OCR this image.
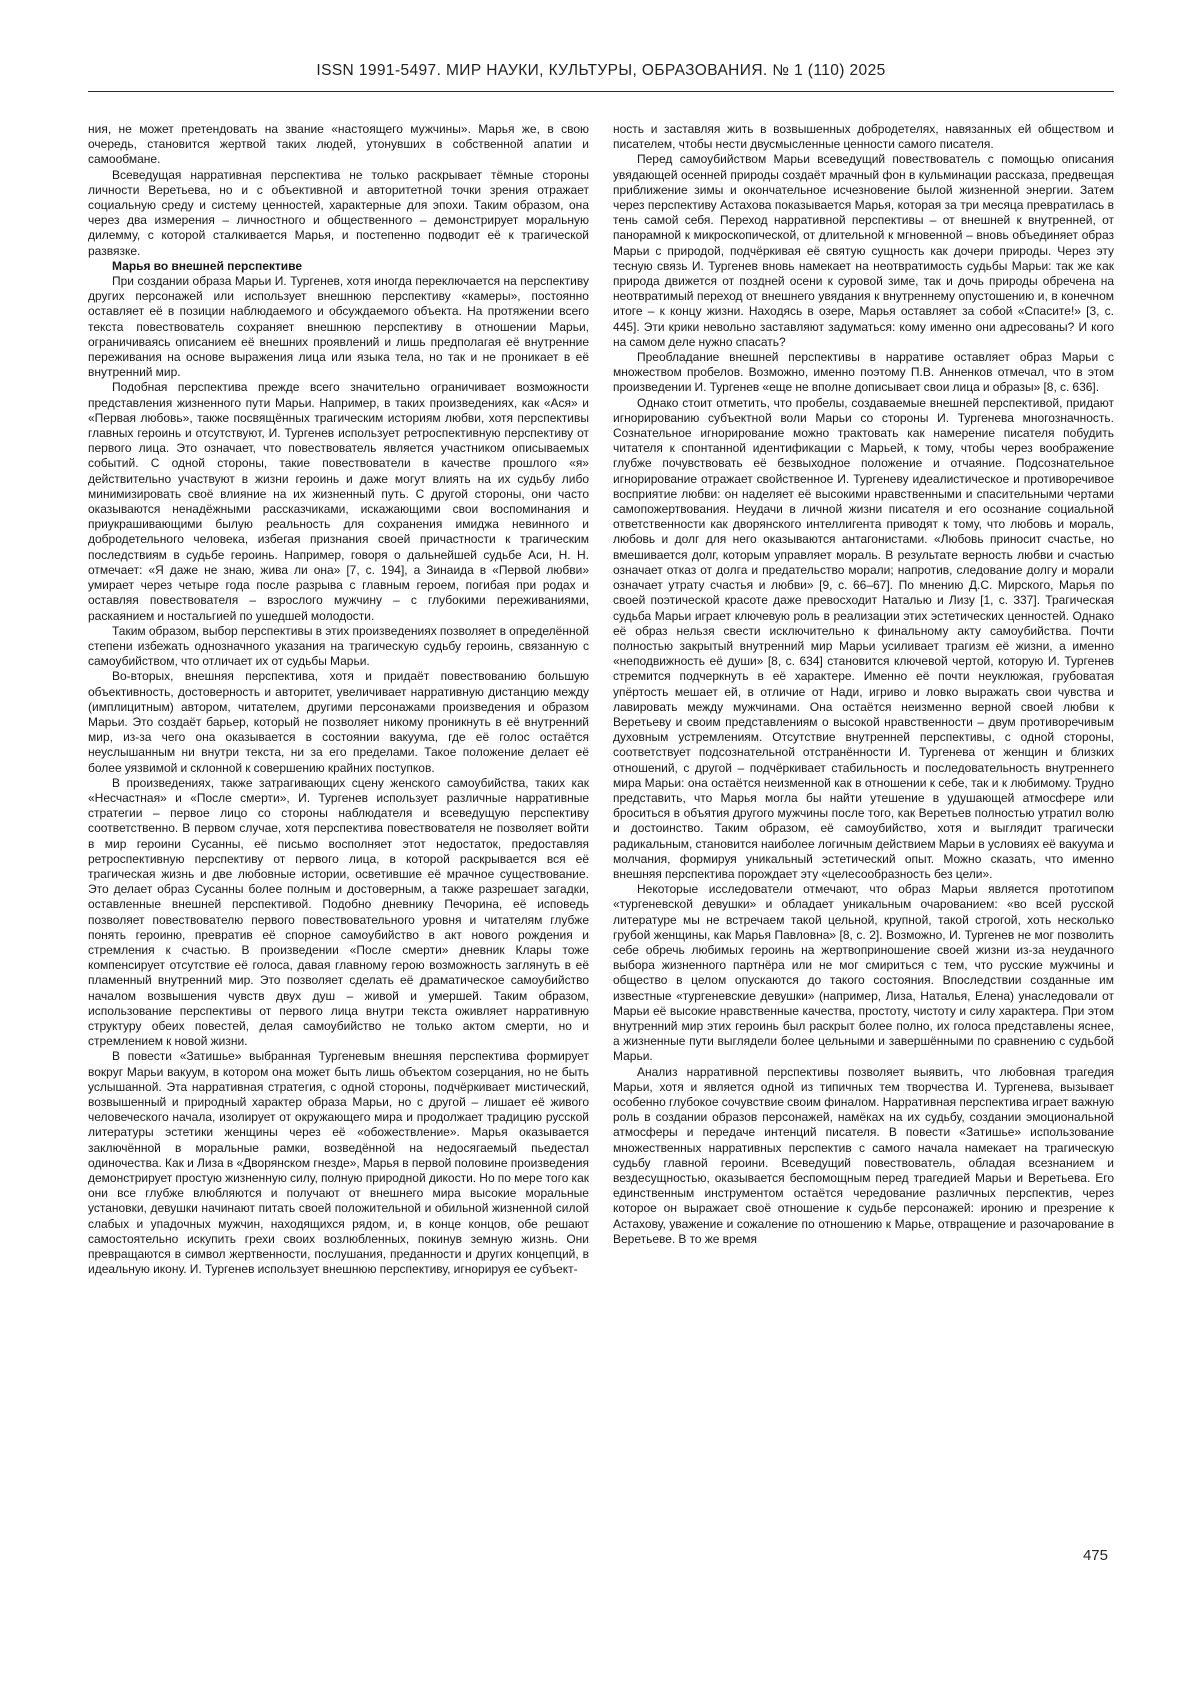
ISSN 1991-5497. МИР НАУКИ, КУЛЬТУРЫ, ОБРАЗОВАНИЯ. № 1 (110) 2025

ния, не может претендовать на звание «настоящего мужчины». Марья же, в свою очередь, становится жертвой таких людей, утонувших в собственной апатии и самообмане.

Всеведущая нарративная перспектива не только раскрывает тёмные стороны личности Веретьева, но и с объективной и авторитетной точки зрения отражает социальную среду и систему ценностей, характерные для эпохи. Таким образом, она через два измерения – личностного и общественного – демонстрирует моральную дилемму, с которой сталкивается Марья, и постепенно подводит её к трагической развязке.

Марья во внешней перспективе

При создании образа Марьи И. Тургенев, хотя иногда переключается на перспективу других персонажей или использует внешнюю перспективу «камеры», постоянно оставляет её в позиции наблюдаемого и обсуждаемого объекта. На протяжении всего текста повествователь сохраняет внешнюю перспективу в отношении Марьи, ограничиваясь описанием её внешних проявлений и лишь предполагая её внутренние переживания на основе выражения лица или языка тела, но так и не проникает в её внутренний мир.

Подобная перспектива прежде всего значительно ограничивает возможности представления жизненного пути Марьи. Например, в таких произведениях, как «Ася» и «Первая любовь», также посвящённых трагическим историям любви, хотя перспективы главных героинь и отсутствуют, И. Тургенев использует ретроспективную перспективу от первого лица. Это означает, что повествователь является участником описываемых событий. С одной стороны, такие повествователи в качестве прошлого «я» действительно участвуют в жизни героинь и даже могут влиять на их судьбу либо минимизировать своё влияние на их жизненный путь. С другой стороны, они часто оказываются ненадёжными рассказчиками, искажающими свои воспоминания и приукрашивающими былую реальность для сохранения имиджа невинного и добродетельного человека, избегая признания своей причастности к трагическим последствиям в судьбе героинь. Например, говоря о дальнейшей судьбе Аси, Н. Н. отмечает: «Я даже не знаю, жива ли она» [7, с. 194], а Зинаида в «Первой любви» умирает через четыре года после разрыва с главным героем, погибая при родах и оставляя повествователя – взрослого мужчину – с глубокими переживаниями, раскаянием и ностальгией по ушедшей молодости.

Таким образом, выбор перспективы в этих произведениях позволяет в определённой степени избежать однозначного указания на трагическую судьбу героинь, связанную с самоубийством, что отличает их от судьбы Марьи.

Во-вторых, внешняя перспектива, хотя и придаёт повествованию большую объективность, достоверность и авторитет, увеличивает нарративную дистанцию между (имплицитным) автором, читателем, другими персонажами произведения и образом Марьи. Это создаёт барьер, который не позволяет никому проникнуть в её внутренний мир, из-за чего она оказывается в состоянии вакуума, где её голос остаётся неуслышанным ни внутри текста, ни за его пределами. Такое положение делает её более уязвимой и склонной к совершению крайних поступков.

В произведениях, также затрагивающих сцену женского самоубийства, таких как «Несчастная» и «После смерти», И. Тургенев использует различные нарративные стратегии – первое лицо со стороны наблюдателя и всеведущую перспективу соответственно. В первом случае, хотя перспектива повествователя не позволяет войти в мир героини Сусанны, её письмо восполняет этот недостаток, предоставляя ретроспективную перспективу от первого лица, в которой раскрывается вся её трагическая жизнь и две любовные истории, осветившие её мрачное существование. Это делает образ Сусанны более полным и достоверным, а также разрешает загадки, оставленные внешней перспективой. Подобно дневнику Печорина, её исповедь позволяет повествователю первого повествовательного уровня и читателям глубже понять героиню, превратив её спорное самоубийство в акт нового рождения и стремления к счастью. В произведении «После смерти» дневник Клары тоже компенсирует отсутствие её голоса, давая главному герою возможность заглянуть в её пламенный внутренний мир. Это позволяет сделать её драматическое самоубийство началом возвышения чувств двух душ – живой и умершей. Таким образом, использование перспективы от первого лица внутри текста оживляет нарративную структуру обеих повестей, делая самоубийство не только актом смерти, но и стремлением к новой жизни.

В повести «Затишье» выбранная Тургеневым внешняя перспектива формирует вокруг Марьи вакуум, в котором она может быть лишь объектом созерцания, но не быть услышанной. Эта нарративная стратегия, с одной стороны, подчёркивает мистический, возвышенный и природный характер образа Марьи, но с другой – лишает её живого человеческого начала, изолирует от окружающего мира и продолжает традицию русской литературы эстетики женщины через её «обожествление». Марья оказывается заключённой в моральные рамки, возведённой на недосягаемый пьедестал одиночества. Как и Лиза в «Дворянском гнезде», Марья в первой половине произведения демонстрирует простую жизненную силу, полную природной дикости. Но по мере того как они все глубже влюбляются и получают от внешнего мира высокие моральные установки, девушки начинают питать своей положительной и обильной жизненной силой слабых и упадочных мужчин, находящихся рядом, и, в конце концов, обе решают самостоятельно искупить грехи своих возлюбленных, покинув земную жизнь. Они превращаются в символ жертвенности, послушания, преданности и других концепций, в идеальную икону. И. Тургенев использует внешнюю перспективу, игнорируя ее субъект-

ность и заставляя жить в возвышенных добродетелях, навязанных ей обществом и писателем, чтобы нести двусмысленные ценности самого писателя.

Перед самоубийством Марьи всеведущий повествователь с помощью описания увядающей осенней природы создаёт мрачный фон в кульминации рассказа, предвещая приближение зимы и окончательное исчезновение былой жизненной энергии. Затем через перспективу Астахова показывается Марья, которая за три месяца превратилась в тень самой себя. Переход нарративной перспективы – от внешней к внутренней, от панорамной к микроскопической, от длительной к мгновенной – вновь объединяет образ Марьи с природой, подчёркивая её святую сущность как дочери природы. Через эту тесную связь И. Тургенев вновь намекает на неотвратимость судьбы Марьи: так же как природа движется от поздней осени к суровой зиме, так и дочь природы обречена на неотвратимый переход от внешнего увядания к внутреннему опустошению и, в конечном итоге – к концу жизни. Находясь в озере, Марья оставляет за собой «Спасите!» [3, с. 445]. Эти крики невольно заставляют задуматься: кому именно они адресованы? И кого на самом деле нужно спасать?

Преобладание внешней перспективы в нарративе оставляет образ Марьи с множеством пробелов. Возможно, именно поэтому П.В. Анненков отмечал, что в этом произведении И. Тургенев «еще не вполне дописывает свои лица и образы» [8, с. 636].

Однако стоит отметить, что пробелы, создаваемые внешней перспективой, придают игнорированию субъектной воли Марьи со стороны И. Тургенева многозначность. Сознательное игнорирование можно трактовать как намерение писателя побудить читателя к спонтанной идентификации с Марьей, к тому, чтобы через воображение глубже почувствовать её безвыходное положение и отчаяние. Подсознательное игнорирование отражает свойственное И. Тургеневу идеалистическое и противоречивое восприятие любви: он наделяет её высокими нравственными и спасительными чертами самопожертвования. Неудачи в личной жизни писателя и его осознание социальной ответственности как дворянского интеллигента приводят к тому, что любовь и мораль, любовь и долг для него оказываются антагонистами. «Любовь приносит счастье, но вмешивается долг, которым управляет мораль. В результате верность любви и счастью означает отказ от долга и предательство морали; напротив, следование долгу и морали означает утрату счастья и любви» [9, с. 66–67]. По мнению Д.С. Мирского, Марья по своей поэтической красоте даже превосходит Наталью и Лизу [1, с. 337]. Трагическая судьба Марьи играет ключевую роль в реализации этих эстетических ценностей. Однако её образ нельзя свести исключительно к финальному акту самоубийства. Почти полностью закрытый внутренний мир Марьи усиливает трагизм её жизни, а именно «неподвижность её души» [8, с. 634] становится ключевой чертой, которую И. Тургенев стремится подчеркнуть в её характере. Именно её почти неуклюжая, грубоватая упёртость мешает ей, в отличие от Нади, игриво и ловко выражать свои чувства и лавировать между мужчинами. Она остаётся неизменно верной своей любви к Веретьеву и своим представлениям о высокой нравственности – двум противоречивым духовным устремлениям. Отсутствие внутренней перспективы, с одной стороны, соответствует подсознательной отстранённости И. Тургенева от женщин и близких отношений, с другой – подчёркивает стабильность и последовательность внутреннего мира Марьи: она остаётся неизменной как в отношении к себе, так и к любимому. Трудно представить, что Марья могла бы найти утешение в удушающей атмосфере или броситься в объятия другого мужчины после того, как Веретьев полностью утратил волю и достоинство. Таким образом, её самоубийство, хотя и выглядит трагически радикальным, становится наиболее логичным действием Марьи в условиях её вакуума и молчания, формируя уникальный эстетический опыт. Можно сказать, что именно внешняя перспектива порождает эту «целесообразность без цели».

Некоторые исследователи отмечают, что образ Марьи является прототипом «тургеневской девушки» и обладает уникальным очарованием: «во всей русской литературе мы не встречаем такой цельной, крупной, такой строгой, хоть несколько грубой женщины, как Марья Павловна» [8, с. 2]. Возможно, И. Тургенев не мог позволить себе обречь любимых героинь на жертвоприношение своей жизни из-за неудачного выбора жизненного партнёра или не мог смириться с тем, что русские мужчины и общество в целом опускаются до такого состояния. Впоследствии созданные им известные «тургеневские девушки» (например, Лиза, Наталья, Елена) унаследовали от Марьи её высокие нравственные качества, простоту, чистоту и силу характера. При этом внутренний мир этих героинь был раскрыт более полно, их голоса представлены яснее, а жизненные пути выглядели более цельными и завершёнными по сравнению с судьбой Марьи.

Анализ нарративной перспективы позволяет выявить, что любовная трагедия Марьи, хотя и является одной из типичных тем творчества И. Тургенева, вызывает особенно глубокое сочувствие своим финалом. Нарративная перспектива играет важную роль в создании образов персонажей, намёках на их судьбу, создании эмоциональной атмосферы и передаче интенций писателя. В повести «Затишье» использование множественных нарративных перспектив с самого начала намекает на трагическую судьбу главной героини. Всеведущий повествователь, обладая всезнанием и вездесущностью, оказывается беспомощным перед трагедией Марьи и Веретьева. Его единственным инструментом остаётся чередование различных перспектив, через которое он выражает своё отношение к судьбе персонажей: иронию и презрение к Астахову, уважение и сожаление по отношению к Марье, отвращение и разочарование в Веретьеве. В то же время

475
